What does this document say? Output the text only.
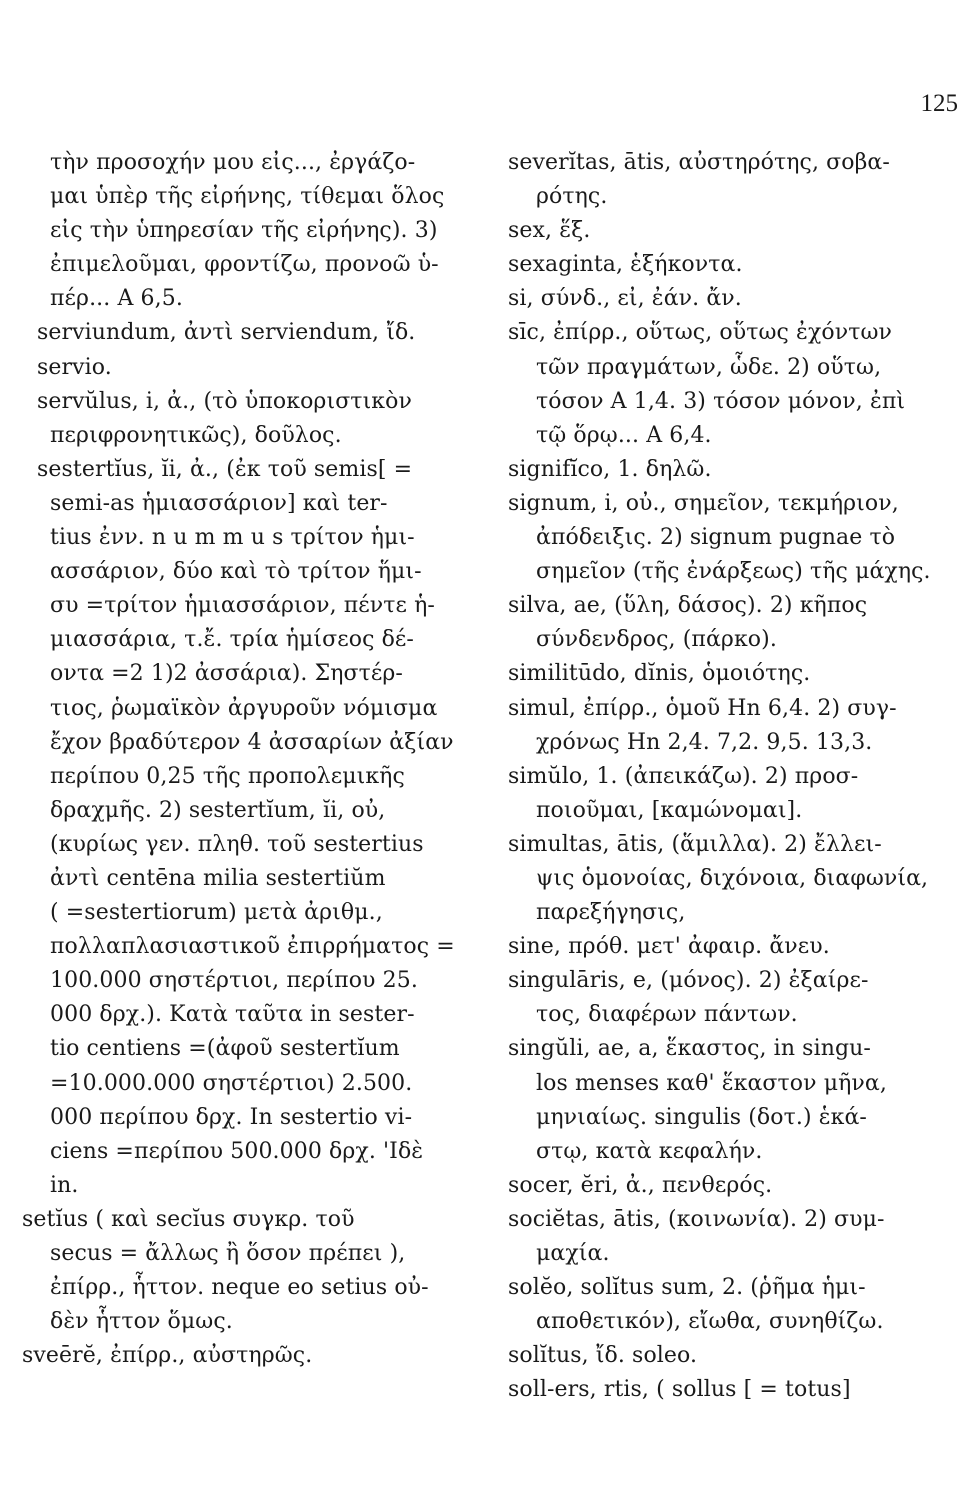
125
τὴν προσοχήν μου εἰς..., ἐργάζο-
μαι ὑπὲρ τῆς εἰρήνης, τίθεμαι ὅλος
εἰς τὴν ὑπηρεσίαν τῆς εἰρήνης). 3)
ἐπιμελοῦμαι, φροντίζω, προνοῶ ὑ-
πέρ... A 6,5.
serviundum, ἀντὶ serviendum, ἴδ.
servio.
servŭlus, i, ἀ., (τὸ ὑποκοριστικὸν
περιφρονητικῶς), δοῦλος.
sestertĭus, ĭi, ἀ., (ἐκ τοῦ semis[ =
semi-as ἡμιασσάριον] καὶ ter-
tius ἐνν. n u m m u s τρίτον ἡμι-
ασσάριον, δύο καὶ τὸ τρίτον ἥμι-
συ =τρίτον ἡμιασσάριον, πέντε ἡ-
μιασσάρια, τ.ἔ. τρία ἡμίσεος δέ-
οντα =2 1)2 ἀσσάρια). Σηστέρ-
τιος, ῥωμαϊκὸν ἀργυροῦν νόμισμα
ἔχον βραδύτερον 4 ἀσσαρίων ἀξίαν
περίπου 0,25 τῆς προπολεμικῆς
δραχμῆς. 2) sestertĭum, ĭi, οὐ,
(κυρίως γεν. πληθ. τοῦ sestertius
ἀντὶ centēna milia sestertiŭm
( =sestertiorum) μετὰ ἀριθμ.,
πολλαπλασιαστικοῦ ἐπιρρήματος =
100.000 σηστέρτιοι, περίπου 25.
000 δρχ.). Κατὰ ταῦτα in sester-
tio centiens =(ἀφοῦ sestertĭum
=10.000.000 σηστέρτιοι) 2.500.
000 περίπου δρχ. In sestertio vi-
ciens =περίπου 500.000 δρχ. 'Ιδὲ
in.
setĭus ( καὶ secĭus συγκρ. τοῦ
secus = ἄλλως ἢ ὅσον πρέπει ),
ἐπίρρ., ἧττον. neque eo setius οὐ-
δὲν ἧττον ὅμως.
sveērĕ, ἐπίρρ., αὐστηρῶς.
severĭtas, ātis, αὐστηρότης, σοβα-
ρότης.
sex, ἕξ.
sexaginta, ἑξήκοντα.
si, σύνδ., εἰ, ἐάν. ἄν.
sīc, ἐπίρρ., οὕτως, οὕτως ἐχόντων
τῶν πραγμάτων, ὧδε. 2) οὕτω,
τόσον A 1,4. 3) τόσον μόνον, ἐπὶ
τῷ ὅρῳ... A 6,4.
signifĭco, 1. δηλῶ.
signum, i, οὐ., σημεῖον, τεκμήριον,
ἀπόδειξις. 2) signum pugnae τὸ
σημεῖον (τῆς ἐνάρξεως) τῆς μάχης.
silva, ae, (ὕλη, δάσος). 2) κῆπος
σύνδενδρος, (πάρκο).
similitūdo, dĭnis, ὁμοιότης.
simul, ἐπίρρ., ὁμοῦ Hn 6,4. 2) συγ-
χρόνως Hn 2,4. 7,2. 9,5. 13,3.
simŭlo, 1. (ἀπεικάζω). 2) προσ-
ποιοῦμαι, [καμώνομαι].
simultas, ātis, (ἅμιλλα). 2) ἔλλει-
ψις ὁμονοίας, διχόνοια, διαφωνία,
παρεξήγησις,
sine, πρόθ. μετ' ἀφαιρ. ἄνευ.
singulāris, e, (μόνος). 2) ἐξαίρε-
τος, διαφέρων πάντων.
singŭli, ae, a, ἕκαστος, in singu-
los menses καθ' ἕκαστον μῆνα,
μηνιαίως. singulis (δοτ.) ἑκά-
στῳ, κατὰ κεφαλήν.
socer, ĕri, ἀ., πενθερός.
sociĕtas, ātis, (κοινωνία). 2) συμ-
μαχία.
solĕo, solĭtus sum, 2. (ῥῆμα ἡμι-
αποθετικόν), εἴωθα, συνηθίζω.
solĭtus, ἴδ. soleo.
soll-ers, rtis, ( sollus [ = totus]
